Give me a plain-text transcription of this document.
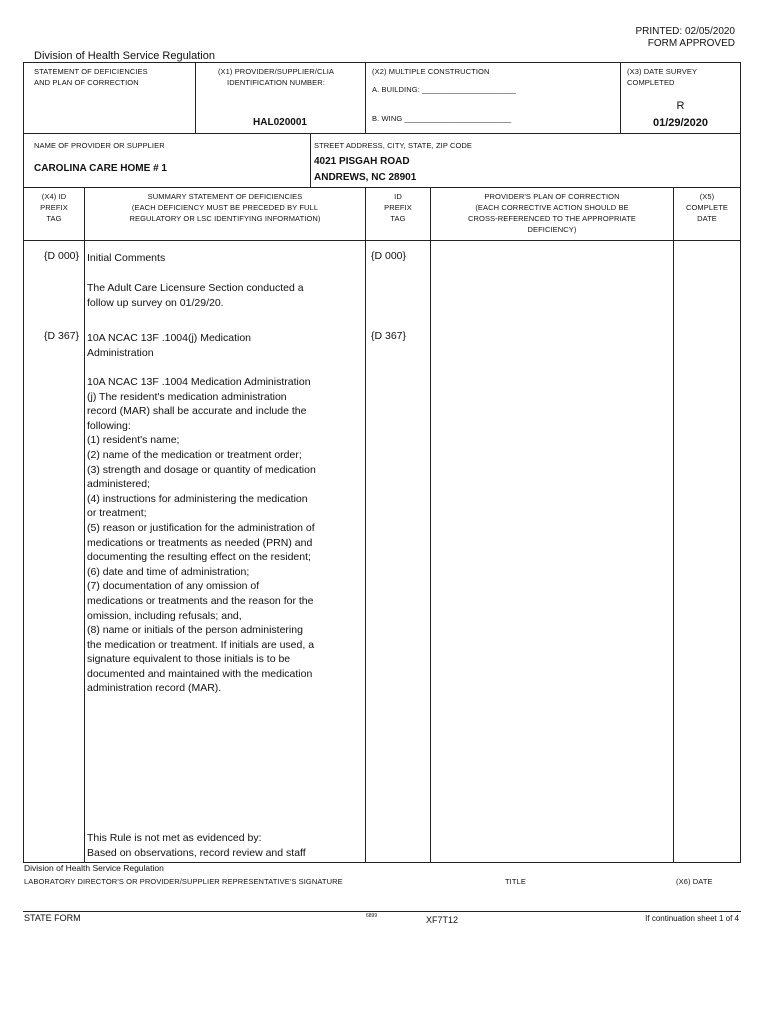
PRINTED: 02/05/2020
FORM APPROVED
Division of Health Service Regulation
STATEMENT OF DEFICIENCIES
AND PLAN OF CORRECTION
(X1) PROVIDER/SUPPLIER/CLIA
IDENTIFICATION NUMBER:
HAL020001
(X2) MULTIPLE CONSTRUCTION
A. BUILDING: ______________________
B. WING _________________________
(X3) DATE SURVEY
COMPLETED
R
01/29/2020
NAME OF PROVIDER OR SUPPLIER
CAROLINA CARE HOME # 1
STREET ADDRESS, CITY, STATE, ZIP CODE
4021 PISGAH ROAD
ANDREWS, NC 28901
(X4) ID
PREFIX
TAG
SUMMARY STATEMENT OF DEFICIENCIES
(EACH DEFICIENCY MUST BE PRECEDED BY FULL
REGULATORY OR LSC IDENTIFYING INFORMATION)
ID
PREFIX
TAG
PROVIDER'S PLAN OF CORRECTION
(EACH CORRECTIVE ACTION SHOULD BE
CROSS-REFERENCED TO THE APPROPRIATE
DEFICIENCY)
(X5)
COMPLETE
DATE
{D 000}	{D 000}
Initial Comments
The Adult Care Licensure Section conducted a
follow up survey on 01/29/20.
{D 367}	{D 367}
10A NCAC 13F .1004(j) Medication
Administration
10A NCAC 13F .1004 Medication Administration
(j) The resident's medication administration
record (MAR) shall be accurate and include the
following:
(1) resident's name;
(2) name of the medication or treatment order;
(3) strength and dosage or quantity of medication
administered;
(4) instructions for administering the medication
or treatment;
(5) reason or justification for the administration of
medications or treatments as needed (PRN) and
documenting the resulting effect on the resident;
(6) date and time of administration;
(7) documentation of any omission of
medications or treatments and the reason for the
omission, including refusals; and,
(8) name or initials of the person administering
the medication or treatment. If initials are used, a
signature equivalent to those initials is to be
documented and maintained with the medication
administration record (MAR).
This Rule is not met as evidenced by:
Based on observations, record review and staff
Division of Health Service Regulation
LABORATORY DIRECTOR'S OR PROVIDER/SUPPLIER REPRESENTATIVE'S SIGNATURE	TITLE	(X6) DATE
STATE FORM	6899	XF7T12	If continuation sheet 1 of 4
